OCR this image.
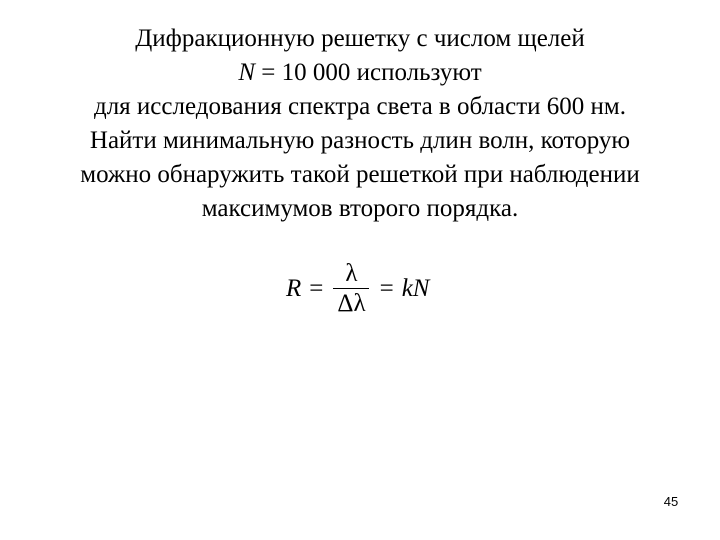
Дифракционную решетку с числом щелей
N = 10 000 используют
для исследования спектра света в области 600 нм.
Найти минимальную разность длин волн, которую
можно обнаружить такой решеткой при наблюдении
максимумов второго порядка.
$R = \frac{\lambda}{\Delta\lambda}$ = kN
45
